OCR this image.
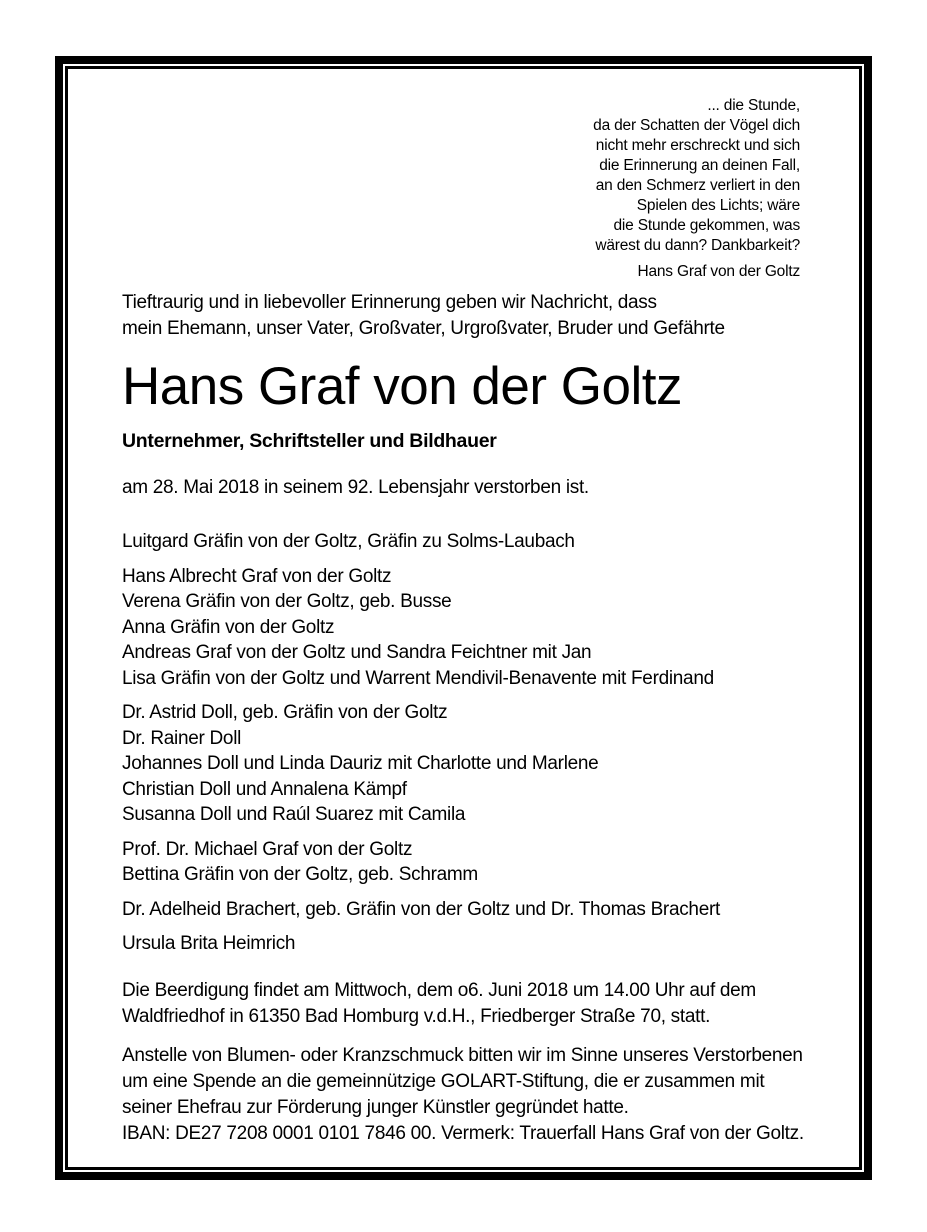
... die Stunde,
da der Schatten der Vögel dich
nicht mehr erschreckt und sich
die Erinnerung an deinen Fall,
an den Schmerz verliert in den
Spielen des Lichts; wäre
die Stunde gekommen, was
wärest du dann? Dankbarkeit?
Hans Graf von der Goltz
Tieftraurig und in liebevoller Erinnerung geben wir Nachricht, dass
mein Ehemann, unser Vater, Großvater, Urgroßvater, Bruder und Gefährte
Hans Graf von der Goltz
Unternehmer, Schriftsteller und Bildhauer
am 28. Mai 2018 in seinem 92. Lebensjahr verstorben ist.
Luitgard Gräfin von der Goltz, Gräfin zu Solms-Laubach
Hans Albrecht Graf von der Goltz
Verena Gräfin von der Goltz, geb. Busse
Anna Gräfin von der Goltz
Andreas Graf von der Goltz und Sandra Feichtner mit Jan
Lisa Gräfin von der Goltz und Warrent Mendivil-Benavente mit Ferdinand
Dr. Astrid Doll, geb. Gräfin von der Goltz
Dr. Rainer Doll
Johannes Doll und Linda Dauriz mit Charlotte und Marlene
Christian Doll und Annalena Kämpf
Susanna Doll und Raúl Suarez mit Camila
Prof. Dr. Michael Graf von der Goltz
Bettina Gräfin von der Goltz, geb. Schramm
Dr. Adelheid Brachert, geb. Gräfin von der Goltz und Dr. Thomas Brachert
Ursula Brita Heimrich
Die Beerdigung findet am Mittwoch, dem o6. Juni 2018 um 14.00 Uhr auf dem
Waldfriedhof in 61350 Bad Homburg v.d.H., Friedberger Straße 70, statt.
Anstelle von Blumen- oder Kranzschmuck bitten wir im Sinne unseres Verstorbenen
um eine Spende an die gemeinnützige GOLART-Stiftung, die er zusammen mit
seiner Ehefrau zur Förderung junger Künstler gegründet hatte.
IBAN: DE27 7208 0001 0101 7846 00. Vermerk: Trauerfall Hans Graf von der Goltz.
